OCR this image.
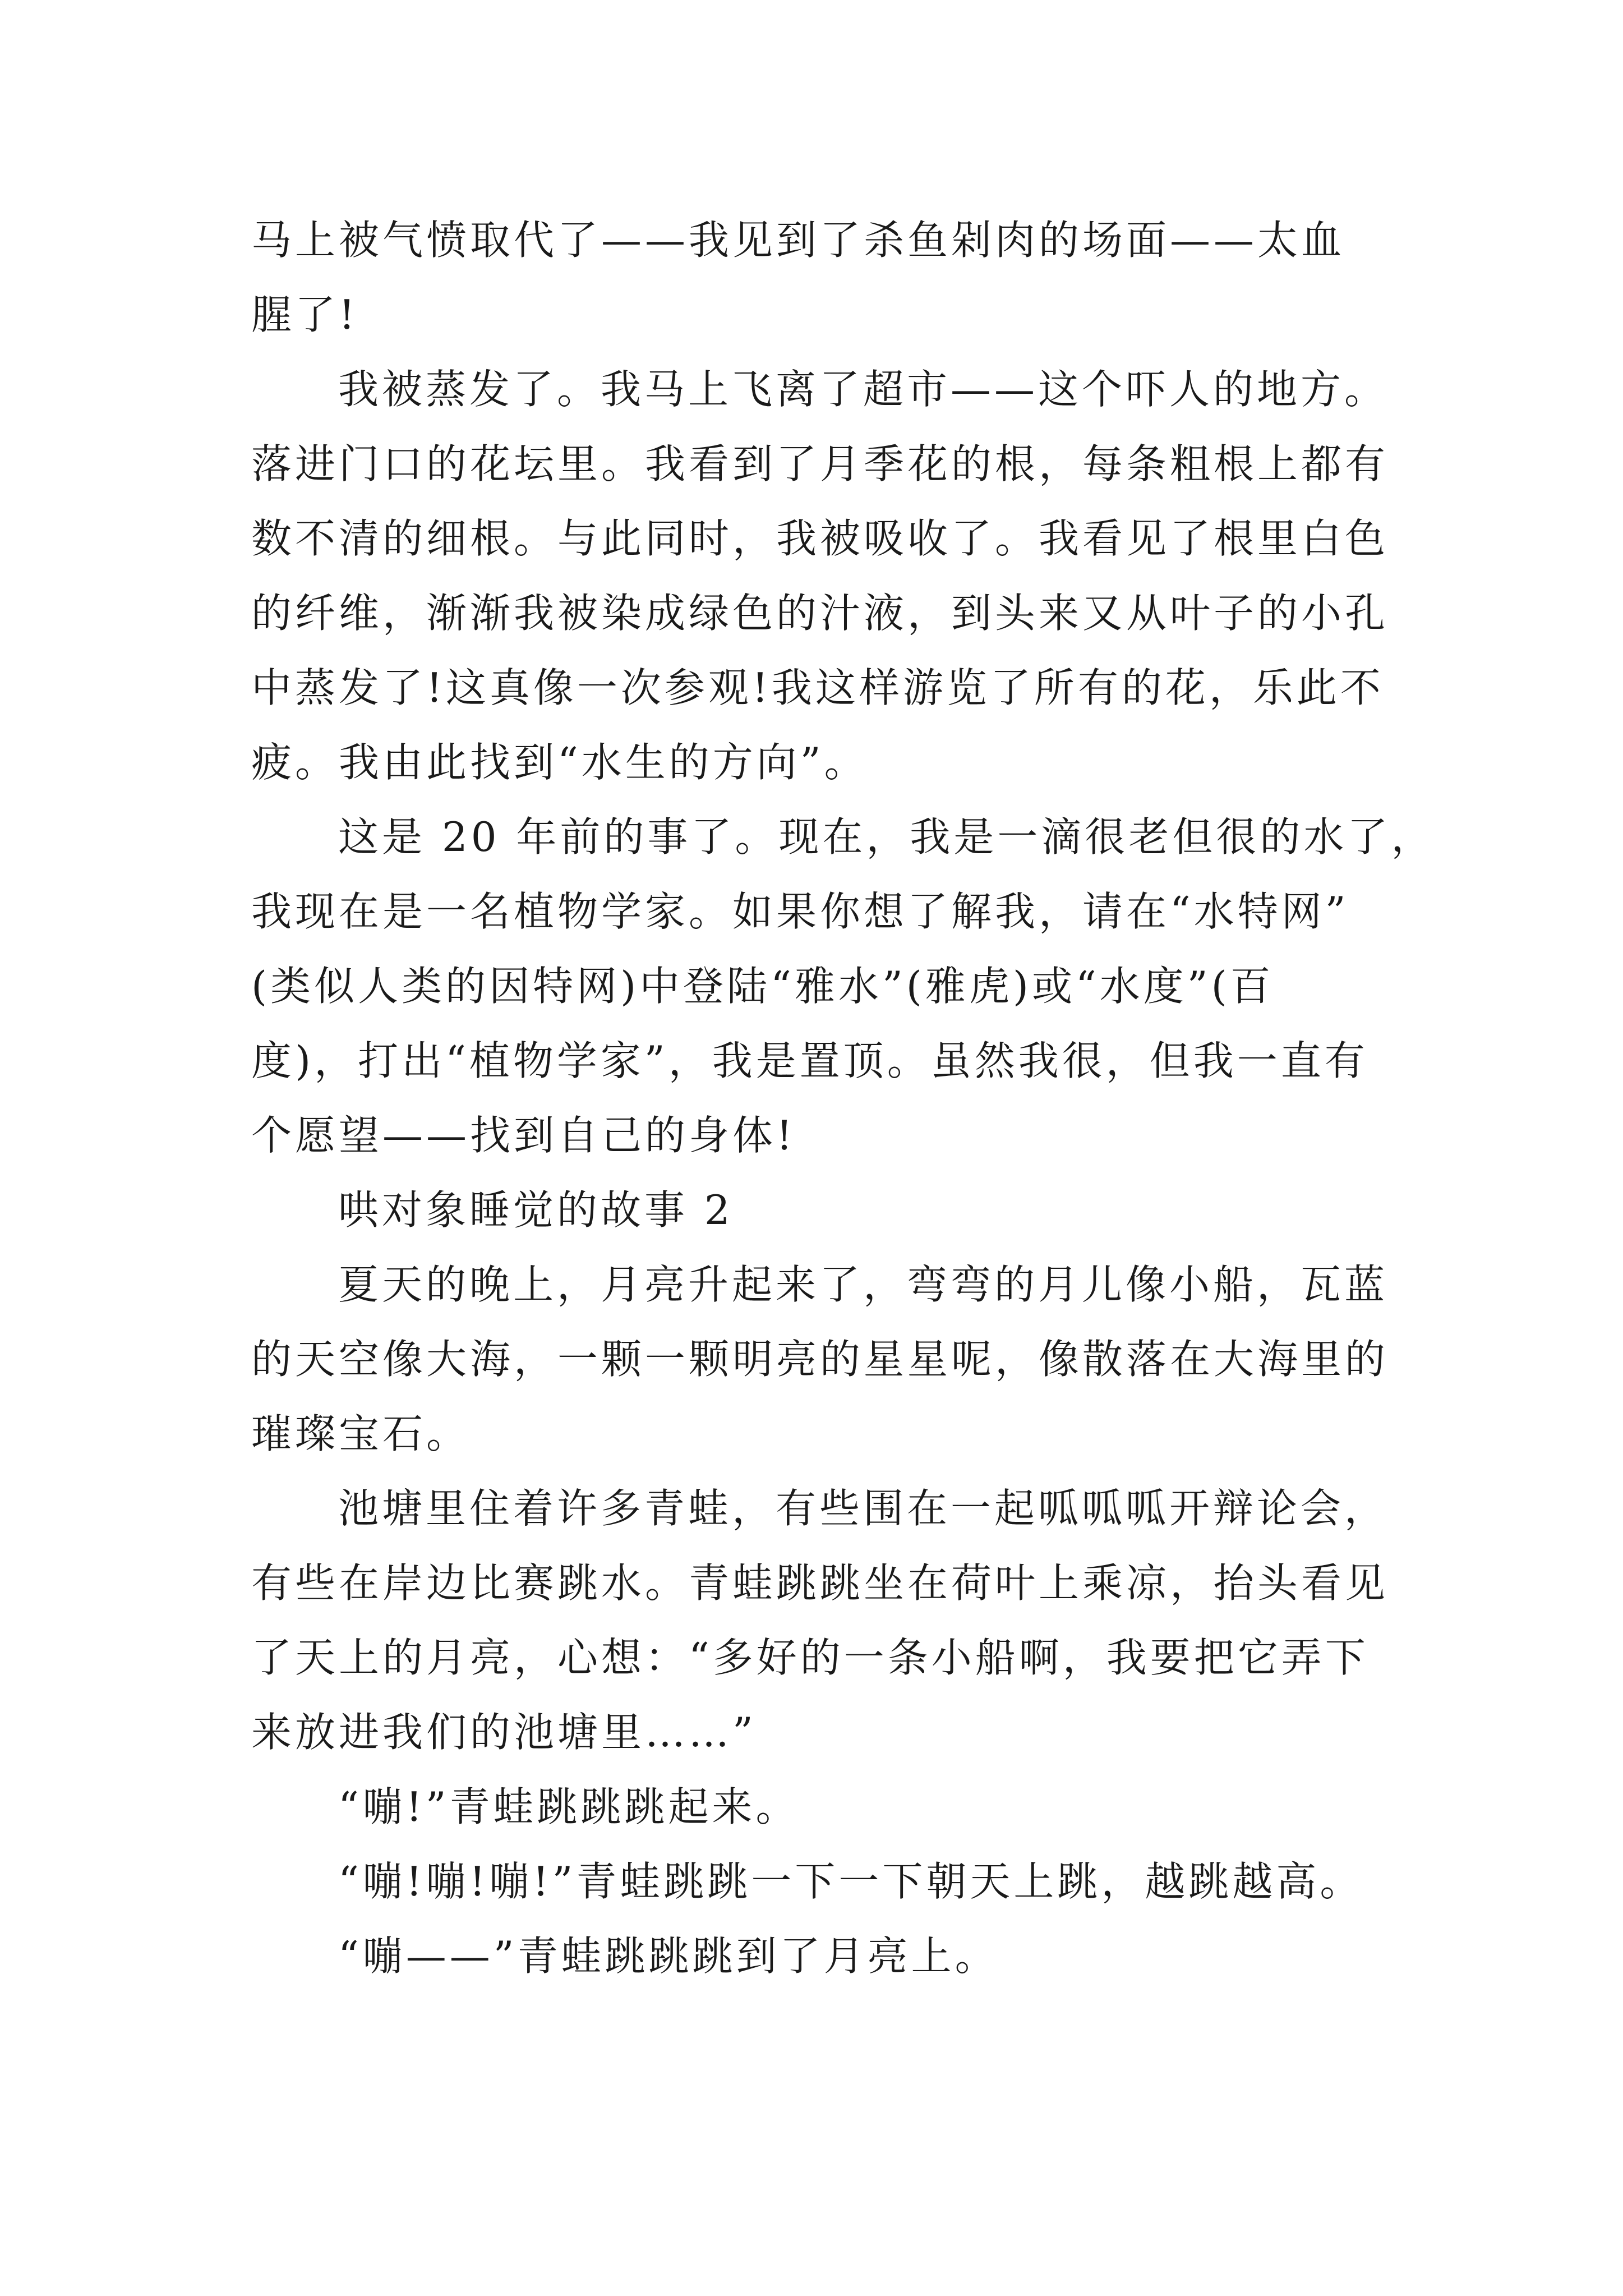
马上被气愤取代了——我见到了杀鱼剁肉的场面——太血
腥了!
我被蒸发了。我马上飞离了超市——这个吓人的地方。
落进门口的花坛里。我看到了月季花的根，每条粗根上都有
数不清的细根。与此同时，我被吸收了。我看见了根里白色
的纤维，渐渐我被染成绿色的汁液，到头来又从叶子的小孔
中蒸发了!这真像一次参观!我这样游览了所有的花，乐此不
疲。我由此找到“水生的方向”。
这是 20 年前的事了。现在，我是一滴很老但很的水了，
我现在是一名植物学家。如果你想了解我，请在“水特网”
(类似人类的因特网)中登陆“雅水”(雅虎)或“水度”(百
度)，打出“植物学家”，我是置顶。虽然我很，但我一直有
个愿望——找到自己的身体!
哄对象睡觉的故事 2
夏天的晚上，月亮升起来了，弯弯的月儿像小船，瓦蓝
的天空像大海，一颗一颗明亮的星星呢，像散落在大海里的
璀璨宝石。
池塘里住着许多青蛙，有些围在一起呱呱呱开辩论会，
有些在岸边比赛跳水。青蛙跳跳坐在荷叶上乘凉，抬头看见
了天上的月亮，心想：“多好的一条小船啊，我要把它弄下
来放进我们的池塘里……”
“嘣!”青蛙跳跳跳起来。
“嘣!嘣!嘣!”青蛙跳跳一下一下朝天上跳，越跳越高。
“嘣——”青蛙跳跳跳到了月亮上。
